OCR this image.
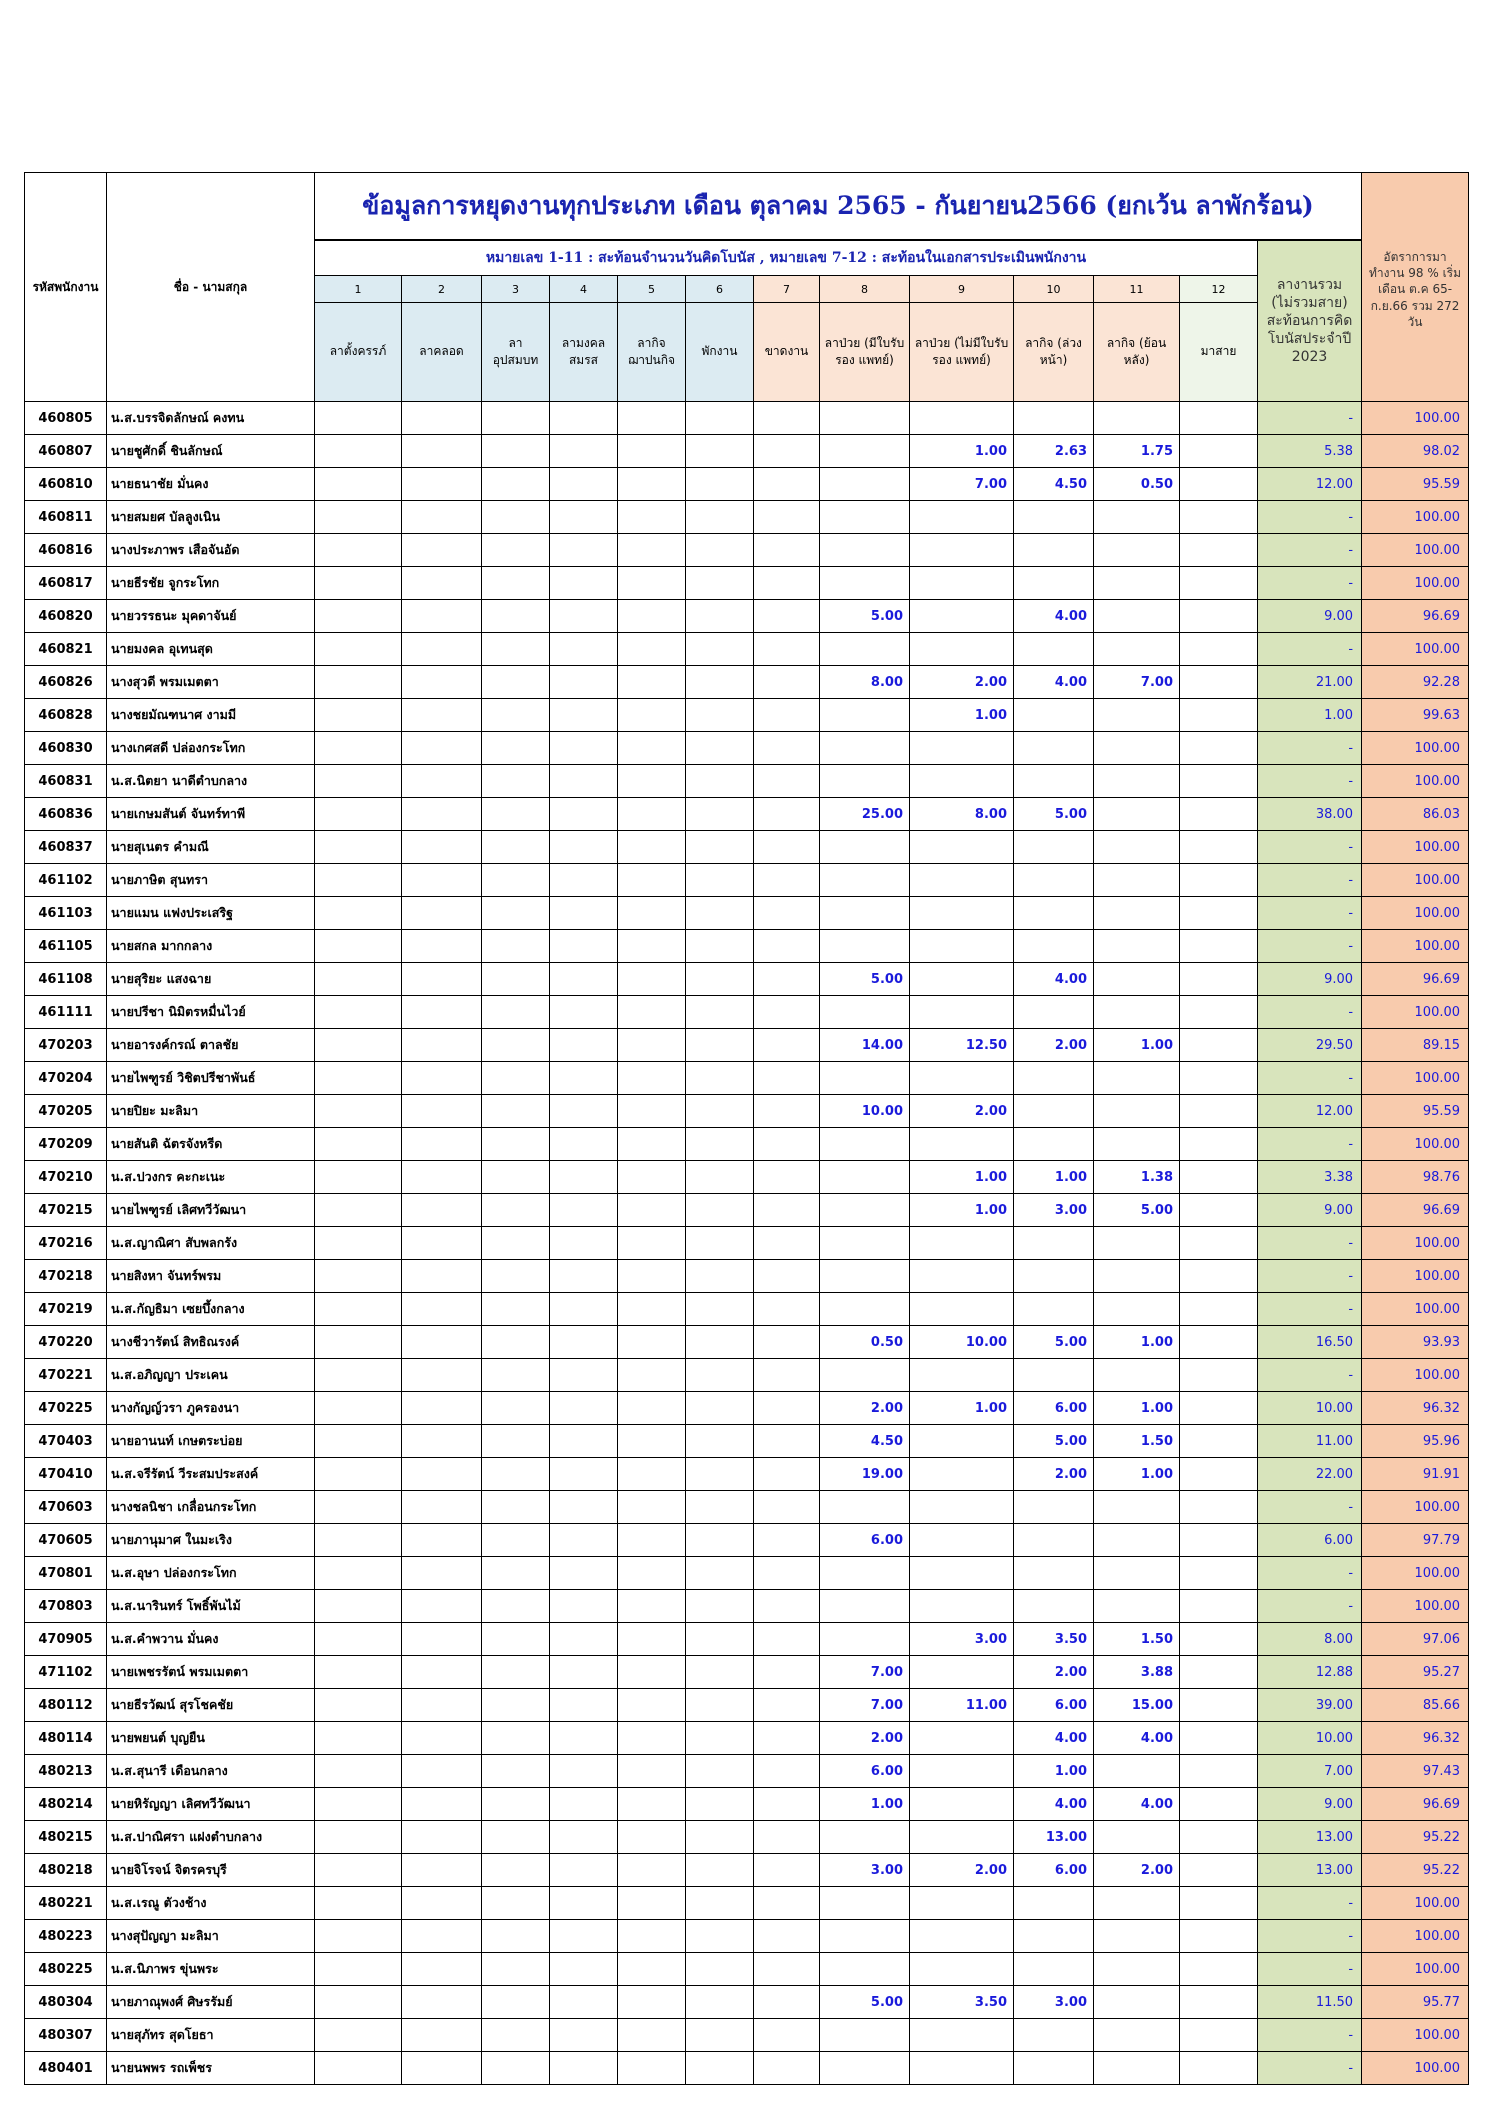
รหัสพนักงาน	ชื่อ - นามสกุล	ข้อมูลการหยุดงานทุกประเภท เดือน ตุลาคม 2565 - กันยายน2566 (ยกเว้น ลาพักร้อน)													อัตราการมาทำงาน 98 % เริ่มเดือน ต.ค 65-ก.ย.66 รวม 272 วัน
		หมายเลข 1-11 : สะท้อนจำนวนวันคิดโบนัส , หมายเลข 7-12 : สะท้อนในเอกสารประเมินพนักงาน												ลางานรวม (ไม่รวมสาย) สะท้อนการคิด โบนัสประจำปี 2023	
		1	2	3	4	5	6	7	8	9	10	11	12		
		ลาตั้งครรภ์	ลาคลอด	ลา อุปสมบท	ลามงคล สมรส	ลากิจ ฌาปนกิจ	พักงาน	ขาดงาน	ลาป่วย (มีใบรับรอง แพทย์)	ลาป่วย (ไม่มีใบรับรอง แพทย์)	ลากิจ (ล่วงหน้า)	ลากิจ (ย้อนหลัง)	มาสาย		
460805	น.ส.บรรจิดลักษณ์ คงทน													-	100.00
460807	นายชูศักดิ์ ชินลักษณ์									1.00	2.63	1.75		5.38	98.02
460810	นายธนาชัย มั่นคง									7.00	4.50	0.50		12.00	95.59
460811	นายสมยศ บัลลูงเนิน													-	100.00
460816	นางประภาพร เสือจันอัด													-	100.00
460817	นายธีรชัย จูกระโทก													-	100.00
460820	นายวรรธนะ มุคดาจันย์								5.00		4.00			9.00	96.69
460821	นายมงคล อุเทนสุด													-	100.00
460826	นางสุวดี พรมเมตตา								8.00	2.00	4.00	7.00		21.00	92.28
460828	นางชยมัณฑนาศ งามมี									1.00				1.00	99.63
460830	นางเกศสดี ปล่องกระโทก													-	100.00
460831	น.ส.นิตยา นาดีตำบกลาง													-	100.00
460836	นายเกษมสันต์ จันทร์ทาพี								25.00	8.00	5.00			38.00	86.03
460837	นายสุเนตร คำมณี													-	100.00
461102	นายภาษิต สุนทรา													-	100.00
461103	นายแมน แฟงประเสริฐ													-	100.00
461105	นายสกล มากกลาง													-	100.00
461108	นายสุริยะ แสงฉาย								5.00		4.00			9.00	96.69
461111	นายปรีชา นิมิตรหมื่นไวย์													-	100.00
470203	นายอารงค์กรณ์ ตาลชัย								14.00	12.50	2.00	1.00		29.50	89.15
470204	นายไพฑูรย์ วิชิตปรีชาพันธ์													-	100.00
470205	นายปิยะ มะลิมา								10.00	2.00				12.00	95.59
470209	นายสันติ ฉัตรจังหรีด													-	100.00
470210	น.ส.ปวงกร คะกะเนะ									1.00	1.00	1.38		3.38	98.76
470215	นายไพฑูรย์ เลิศทวีวัฒนา									1.00	3.00	5.00		9.00	96.69
470216	น.ส.ญาณิศา สับพลกรัง													-	100.00
470218	นายสิงหา จันทร์พรม													-	100.00
470219	น.ส.กัญธิมา เซยบึ้งกลาง													-	100.00
470220	นางชีวารัตน์ สิทธิณรงค์								0.50	10.00	5.00	1.00		16.50	93.93
470221	น.ส.อภิญญา ประเคน													-	100.00
470225	นางกัญญ์วรา ภูครองนา								2.00	1.00	6.00	1.00		10.00	96.32
470403	นายอานนท์ เกษตระบ่อย								4.50		5.00	1.50		11.00	95.96
470410	น.ส.จรีรัตน์ วีระสมประสงค์								19.00		2.00	1.00		22.00	91.91
470603	นางชลนิชา เกลื่อนกระโทก													-	100.00
470605	นายภานุมาศ ในมะเริง								6.00					6.00	97.79
470801	น.ส.อุษา ปล่องกระโทก													-	100.00
470803	น.ส.นารินทร์ โพธิ์พันไม้													-	100.00
470905	น.ส.คำพวาน มั่นคง									3.00	3.50	1.50		8.00	97.06
471102	นายเพชรรัตน์ พรมเมตตา								7.00		2.00	3.88		12.88	95.27
480112	นายธีรวัฒน์ สุรโชคชัย								7.00	11.00	6.00	15.00		39.00	85.66
480114	นายพยนต์ บุญยืน								2.00		4.00	4.00		10.00	96.32
480213	น.ส.สุนารี เดือนกลาง								6.00		1.00			7.00	97.43
480214	นายหิรัญญา เลิศทวีวัฒนา								1.00		4.00	4.00		9.00	96.69
480215	น.ส.ปาณิศรา แฝงตำบกลาง										13.00			13.00	95.22
480218	นายจิโรจน์ จิตรครบุรี								3.00	2.00	6.00	2.00		13.00	95.22
480221	น.ส.เรณู ตัวงช้าง													-	100.00
480223	นางสุปัญญา มะลิมา													-	100.00
480225	น.ส.นิภาพร ขุ่นพระ													-	100.00
480304	นายภาณุพงศ์ ศิษรรัมย์								5.00	3.50	3.00			11.50	95.77
480307	นายสุภัทร สุดโยธา													-	100.00
480401	นายนพพร รถเพ็ชร													-	100.00
